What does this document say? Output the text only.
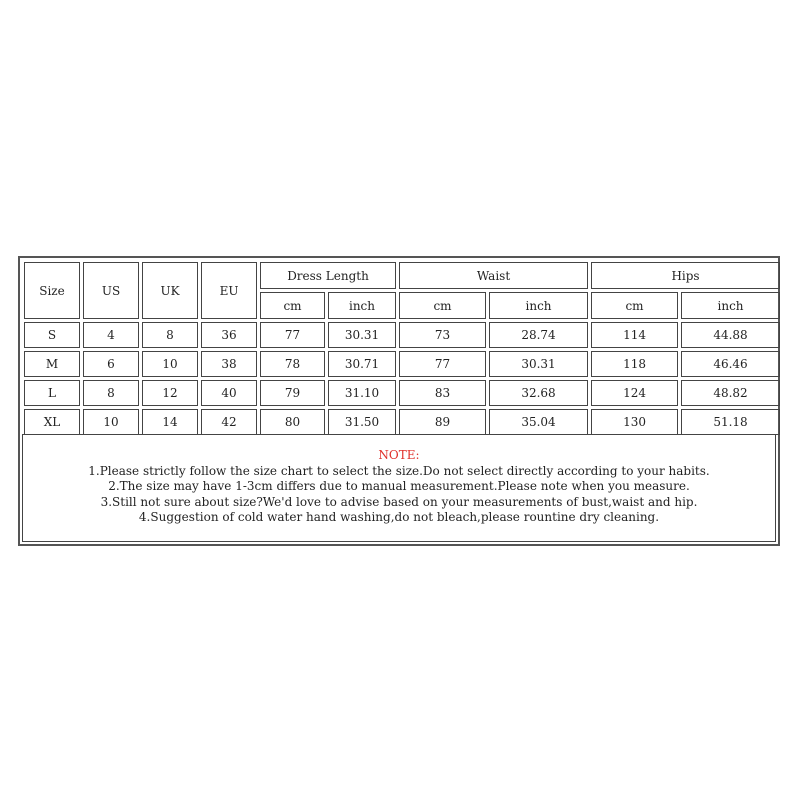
Size	US	UK	EU	Dress Length		Waist		Hips	
				cm	inch	cm	inch	cm	inch
S	4	8	36	77	30.31	73	28.74	114	44.88
M	6	10	38	78	30.71	77	30.31	118	46.46
L	8	12	40	79	31.10	83	32.68	124	48.82
XL	10	14	42	80	31.50	89	35.04	130	51.18
NOTE:
1.Please strictly follow the size chart to select the size.Do not select directly according to your habits.
2.The size may have 1-3cm differs due to manual measurement.Please note when you measure.
3.Still not sure about size?We'd love to advise based on your measurements of bust,waist and hip.
4.Suggestion of cold water hand washing,do not bleach,please rountine dry cleaning.
